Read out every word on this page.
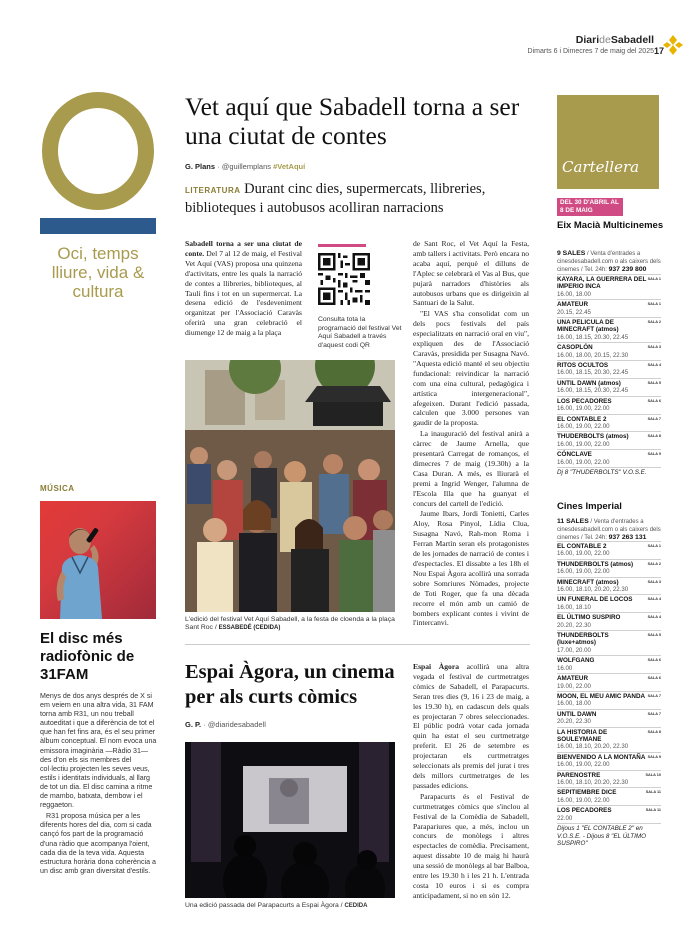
DiarideSabadell
Dimarts 6 i Dimecres 7 de maig del 2025 17
Oci, temps lliure, vida & cultura
MÚSICA
El disc més radiofònic de 31FAM

Menys de dos anys després de X si em veiem en una altra vida, 31 FAM torna amb R31, un nou treball autoeditat i que a diferència de tot el que han fet fins ara, és el seu primer àlbum conceptual. El nom evoca una emissora imaginària —Ràdio 31— des d'on els sis membres del col·lectiu projecten les seves veus, estils i identitats individuals, al llarg de tot un dia. El disc camina a ritme de mambo, batxata, dembow i el reggaeton.

R31 proposa música per a les diferents hores del dia, com si cada cançó fos part de la programació d'una ràdio que acompanya l'oient, cada dia de la teva vida. Aquesta estructura horària dona coherència a un disc amb gran diversitat d'estils.

Vet aquí que Sabadell torna a ser una ciutat de contes
G. Plans · @guillemplans #VetAquí
LITERATURA Durant cinc dies, supermercats, llibreries, biblioteques i autobusos acolliran narracions

Sabadell torna a ser una ciutat de conte. Del 7 al 12 de maig, el Festival Vet Aquí (VAS) proposa una quinzena d'activitats, entre les quals la narració de contes a llibreries, biblioteques, al Tauli fins i tot en un supermercat. La desena edició de l'esdeveniment organitzat per l'Associació Caravàs oferirà una gran celebració el diumenge 12 de maig a la plaça

Consulta tota la programació del festival Vet Aquí Sabadell a través d'aquest codi QR
L'edició del festival Vet Aquí Sabadell, a la festa de cloenda a la plaça Sant Roc / ESSABEDÉ (CEDIDA)

de Sant Roc, el Vet Aquí la Festa, amb tallers i activitats. Però encara no acaba aquí, perquè el dilluns de l'Aplec se celebrarà el Vas al Bus, que pujarà narradors d'històries als autobusos urbans que es dirigeixin al Santuari de la Salut.

"El VAS s'ha consolidat com un dels pocs festivals del país especialitzats en narració oral en viu", expliquen des de l'Associació Caravàs, presidida per Susagna Navó. "Aquesta edició manté el seu objectiu fundacional: reivindicar la narració com una eina cultural, pedagògica i artística intergeneracional", afegeixen. Durant l'edició passada, calculen que 3.000 persones van gaudir de la proposta.

La inauguració del festival anirà a càrrec de Jaume Arnella, que presentarà Carregat de romanços, el dimecres 7 de maig (19.30h) a la Casa Duran. A més, es lliurarà el premi a Ingrid Wenger, l'alumna de l'Escola Illa que ha guanyat el concurs del cartell de l'edició.

Jaume Ibars, Jordi Tonietti, Carles Aloy, Rosa Pinyol, Lídia Clua, Susagna Navó, Rah-mon Roma i Ferran Martín seran els protagonistes de les jornades de narració de contes i d'espectacles. El dissabte a les 18h el Nou Espai Àgora acollirà una sorrada sobre Somriures Nòmades, projecte de Toti Roger, que fa una dècada recorre el món amb un camió de bombers explicant contes i vivint de l'intercanvi.

Espai Àgora, un cinema per als curts còmics
G. P. · @diaridesabadell
Una edició passada del Parapacurts a Espai Àgora / CEDIDA

Espai Àgora acollirà una altra vegada el festival de curtmetratges còmics de Sabadell, el Parapacurts. Seran tres dies (9, 16 i 23 de maig, a les 19.30 h), en cadascun dels quals es projectaran 7 obres seleccionades. El públic podrà votar cada jornada quin ha estat el seu curtmetratge preferit. El 26 de setembre es projectaran els curtmetratges seleccionats als premis del jurat i tres dels millors curtmetratges de les passades edicions.

Parapacurts és el Festival de curtmetratges còmics que s'inclou al Festival de la Comèdia de Sabadell, Parapariures que, a més, inclou un concurs de monòlegs i altres espectacles de comèdia. Precisament, aquest dissabte 10 de maig hi haurà una sessió de monòlegs al bar Balboa, entre les 19.30 h i les 21 h. L'entrada costa 10 euros i si es compra anticipadament, si no en són 12.

Cartellera
DEL 30 D'ABRIL AL 8 DE MAIG
Eix Macià Multicinemes
9 SALES / Venta d'entrades a cinesdesabadell.com o als caixers dels cinemes / Tel. 24h: 937 239 800
KAYARA, LA GUERRERA DEL IMPERIO INCA
16.00, 18.00
SALA 1
AMATEUR
20.15, 22.45
SALA 1
UNA PELICULA DE MINECRAFT (atmos)
16.00, 18.15, 20.30, 22.45
SALA 2
CASOPLÓN
16.00, 18.00, 20.15, 22.30
SALA 3
RITOS OCULTOS
16.00, 18.15, 20.30, 22.45
SALA 4
UNTIL DAWN (atmos)
16.00, 18.15, 20.30, 22.45
SALA 5
LOS PECADORES
16.00, 19.00, 22.00
SALA 6
EL CONTABLE 2
16.00, 19.00, 22.00
SALA 7
THUDERBOLTS (atmos)
16.00, 19.00, 22.00
SALA 8
CÓNCLAVE
16.00, 19.00, 22.00
SALA 9
Dj 8 "THUDERBOLTS" V.O.S.E.
Cines Imperial
11 SALES / Venta d'entrades a cinesdesabadell.com o als caixers dels cinemes / Tel. 24h: 937 263 131
EL CONTABLE 2
16.00, 19.00, 22.00
SALA 1
THUNDERBOLTS (atmos)
16.00, 19.00, 22.00
SALA 2
MINECRAFT (atmos)
16.00, 18.10, 20.20, 22.30
SALA 3
UN FUNERAL DE LOCOS
16.00, 18.10
SALA 4
EL ÚLTIMO SUSPIRO
20.20, 22.30
SALA 4
THUNDERBOLTS (luxe+atmos)
17.00, 20.00
SALA 5
WOLFGANG
16.00
SALA 6
AMATEUR
19.00, 22.00
SALA 6
MOON, EL MEU AMIC PANDA
16.00, 18.00
SALA 7
UNTIL DAWN
20.20, 22.30
SALA 7
LA HISTORIA DE SOULEYMANE
16.00, 18.10, 20.20, 22.30
SALA 8
BIENVENIDO A LA MONTAÑA
16.00, 19.00, 22.00
SALA 9
PARENOSTRE
16.00, 18.10, 20.20, 22.30
SALA 10
SEPITIEMBRE DICE
16.00, 19.00, 22.00
SALA 11
LOS PECADORES
22.00
SALA 11
Dijous 1 "EL CONTABLE 2" en V.O.S.E. - Dijous 8 "EL ÚLTIMO SUSPIRO"
